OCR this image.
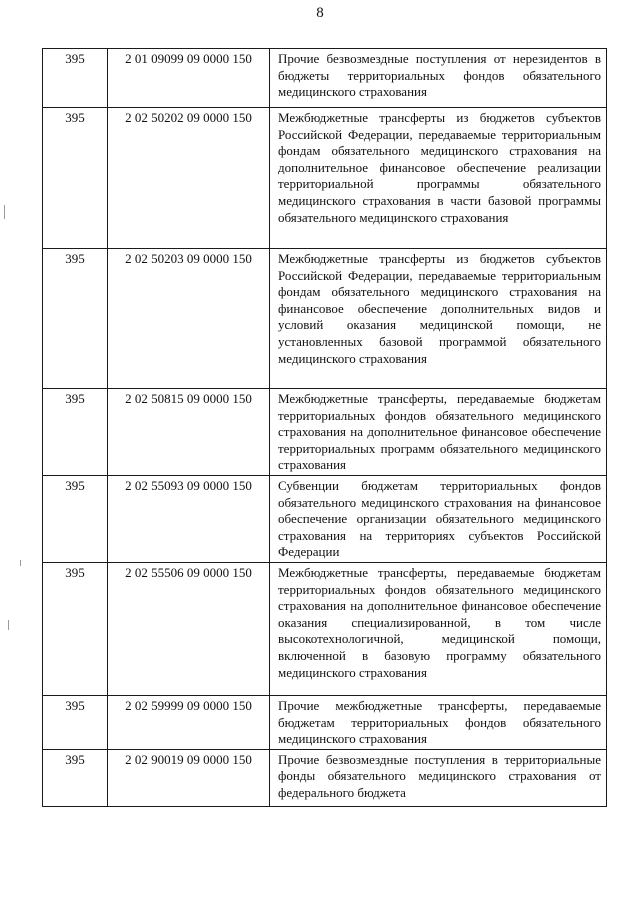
8
395	2 01 09099 09 0000 150	Прочие безвозмездные поступления от нерезидентов в бюджеты территориальных фондов обязательного медицинского страхования
395	2 02 50202 09 0000 150	Межбюджетные трансферты из бюджетов субъектов Российской Федерации, передаваемые территориальным фондам обязательного медицинского страхования на дополнительное финансовое обеспечение реализации территориальной программы обязательного медицинского страхования в части базовой программы обязательного медицинского страхования
395	2 02 50203 09 0000 150	Межбюджетные трансферты из бюджетов субъектов Российской Федерации, передаваемые территориальным фондам обязательного медицинского страхования на финансовое обеспечение дополнительных видов и условий оказания медицинской помощи, не установленных базовой программой обязательного медицинского страхования
395	2 02 50815 09 0000 150	Межбюджетные трансферты, передаваемые бюджетам территориальных фондов обязательного медицинского страхования на дополнительное финансовое обеспечение территориальных программ обязательного медицинского страхования
395	2 02 55093 09 0000 150	Субвенции бюджетам территориальных фондов обязательного медицинского страхования на финансовое обеспечение организации обязательного медицинского страхования на территориях субъектов Российской Федерации
395	2 02 55506 09 0000 150	Межбюджетные трансферты, передаваемые бюджетам территориальных фондов обязательного медицинского страхования на дополнительное финансовое обеспечение оказания специализированной, в том числе высокотехнологичной, медицинской помощи, включенной в базовую программу обязательного медицинского страхования
395	2 02 59999 09 0000 150	Прочие межбюджетные трансферты, передаваемые бюджетам территориальных фондов обязательного медицинского страхования
395	2 02 90019 09 0000 150	Прочие безвозмездные поступления в территориальные фонды обязательного медицинского страхования от федерального бюджета
